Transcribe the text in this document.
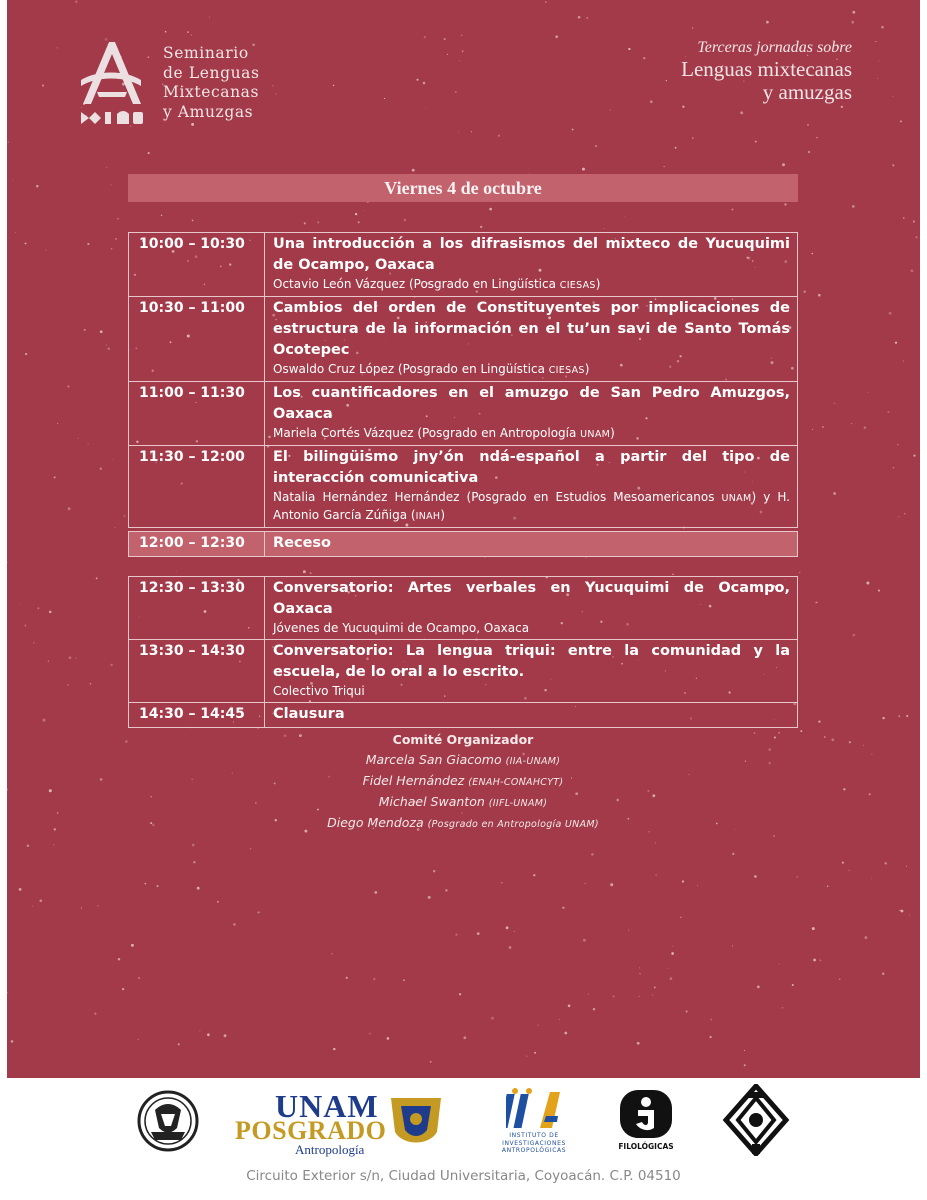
Seminario
de Lenguas
Mixtecanas
y Amuzgas
Terceras jornadas sobre
Lenguas mixtecanas
y amuzgas
Viernes 4 de octubre
10:00 – 10:30	Una introducción a los difrasismos del mixteco de Yucuquimi de Ocampo, Oaxaca
Octavio León Vázquez (Posgrado en Lingüística CIESAS)

10:30 – 11:00	Cambios del orden de Constituyentes por implicaciones de estructura de la información en el tu’un savi de Santo Tomás Ocotepec
Oswaldo Cruz López (Posgrado en Lingüística CIESAS)

11:00 – 11:30	Los cuantificadores en el amuzgo de San Pedro Amuzgos, Oaxaca
Mariela Cortés Vázquez (Posgrado en Antropología UNAM)

11:30 – 12:00	El bilingüismo jny’ón ndá-español a partir del tipo de interacción comunicativa
Natalia Hernández Hernández (Posgrado en Estudios Mesoamericanos UNAM) y H. Antonio García Zúñiga (INAH)
12:00 – 12:30	Receso
12:30 – 13:30	Conversatorio: Artes verbales en Yucuquimi de Ocampo, Oaxaca
Jóvenes de Yucuquimi de Ocampo, Oaxaca

13:30 – 14:30	Conversatorio: La lengua triqui: entre la comunidad y la escuela, de lo oral a lo escrito.
Colectivo Triqui

14:30 – 14:45	Clausura
Comité Organizador
Marcela San Giacomo (IIA-UNAM)
Fidel Hernández (ENAH-CONAHCYT)
Michael Swanton (IIFL-UNAM)
Diego Mendoza (Posgrado en Antropología UNAM)
UNAM
POSGRADO
Antropología
INSTITUTO DE
INVESTIGACIONES
ANTROPOLÓGICAS	FILOLÓGICAS
Circuito Exterior s/n, Ciudad Universitaria, Coyoacán. C.P. 04510
